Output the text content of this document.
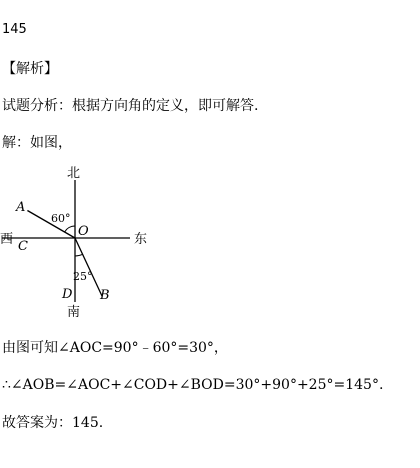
145
【解析】
试题分析：根据方向角的定义，即可解答.
解：如图，
北
南
东
西
O
A
B
C
D
60°
25°
由图可知∠AOC=90°﹣60°=30°，
∴∠AOB=∠AOC+∠COD+∠BOD=30°+90°+25°=145°.
故答案为：145.
